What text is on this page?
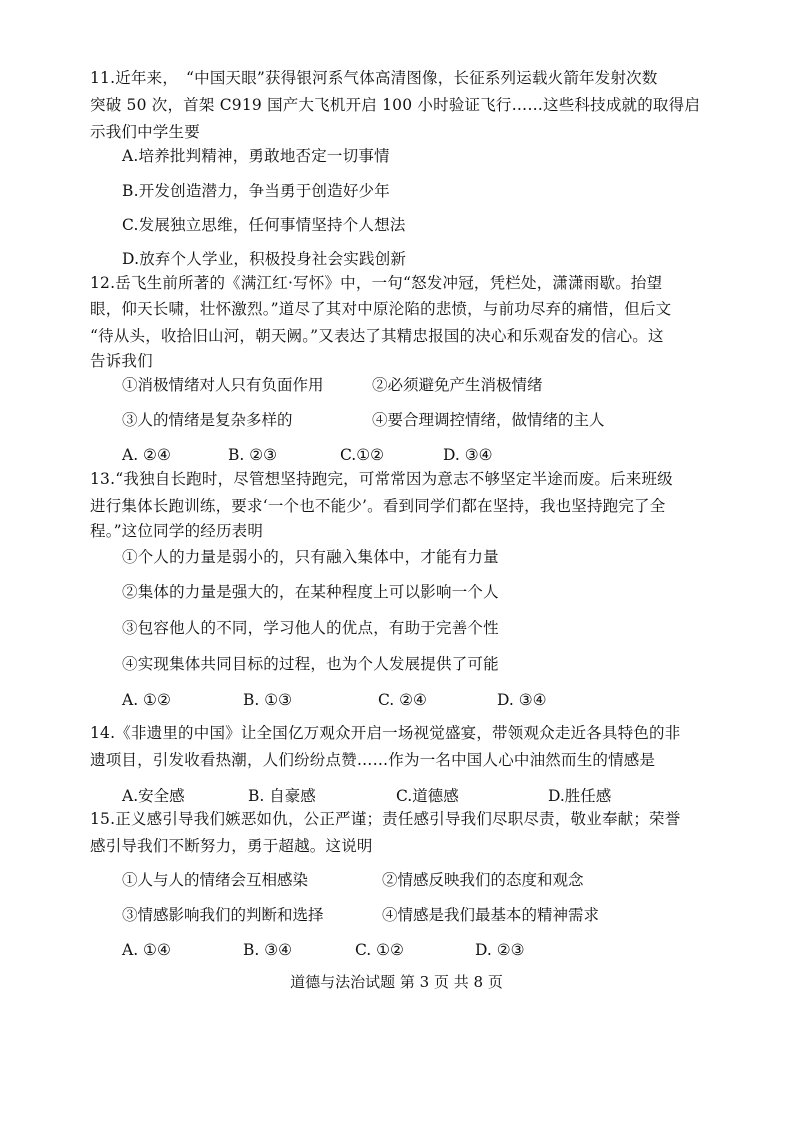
11.近年来，　“中国天眼”获得银河系气体高清图像，长征系列运载火箭年发射次数
突破 50 次，首架 C919 国产大飞机开启 100 小时验证飞行……这些科技成就的取得启
示我们中学生要
A.培养批判精神，勇敢地否定一切事情
B.开发创造潜力，争当勇于创造好少年
C.发展独立思维，任何事情坚持个人想法
D.放弃个人学业，积极投身社会实践创新
12.岳飞生前所著的《满江红·写怀》中，一句“怒发冲冠，凭栏处，潇潇雨歇。抬望
眼，仰天长啸，壮怀激烈。”道尽了其对中原沦陷的悲愤，与前功尽弃的痛惜，但后文
“待从头，收拾旧山河，朝天阙。”又表达了其精忠报国的决心和乐观奋发的信心。这
告诉我们
①消极情绪对人只有负面作用	②必须避免产生消极情绪
③人的情绪是复杂多样的	④要合理调控情绪，做情绪的主人
A. ②④	B. ②③	C.①②	D. ③④
13.“我独自长跑时，尽管想坚持跑完，可常常因为意志不够坚定半途而废。后来班级
进行集体长跑训练，要求‘一个也不能少’。看到同学们都在坚持，我也坚持跑完了全
程。”这位同学的经历表明
①个人的力量是弱小的，只有融入集体中，才能有力量
②集体的力量是强大的，在某种程度上可以影响一个人
③包容他人的不同，学习他人的优点，有助于完善个性
④实现集体共同目标的过程，也为个人发展提供了可能
A. ①②	B. ①③	C. ②④	D. ③④
14.《非遗里的中国》让全国亿万观众开启一场视觉盛宴，带领观众走近各具特色的非
遗项目，引发收看热潮，人们纷纷点赞……作为一名中国人心中油然而生的情感是
A.安全感	B. 自豪感	C.道德感	D.胜任感
15.正义感引导我们嫉恶如仇，公正严谨；责任感引导我们尽职尽责，敬业奉献；荣誉
感引导我们不断努力，勇于超越。这说明
①人与人的情绪会互相感染	②情感反映我们的态度和观念
③情感影响我们的判断和选择	④情感是我们最基本的精神需求
A. ①④	B. ③④	C. ①②	D. ②③
道德与法治试题 第 3 页 共 8 页
